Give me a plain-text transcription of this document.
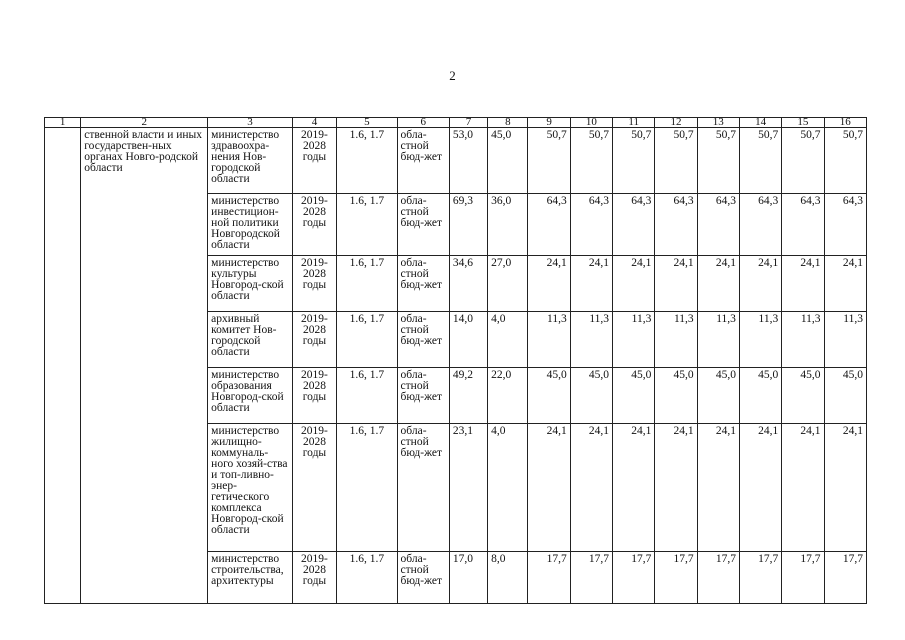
2
1	2	3	4	5	6	7	8	9	10	11	12	13	14	15	16
	ственной власти и иных государствен-ных органах Новго-родской области	министерство здравоохра-нения Нов-городской области	2019-2028 годы	1.6, 1.7	обла-стной бюд-жет	53,0	45,0	50,7	50,7	50,7	50,7	50,7	50,7	50,7	50,7
		министерство инвестицион-ной политики Новгородской области	2019-2028 годы	1.6, 1.7	обла-стной бюд-жет	69,3	36,0	64,3	64,3	64,3	64,3	64,3	64,3	64,3	64,3
		министерство культуры Новгород-ской области	2019-2028 годы	1.6, 1.7	обла-стной бюд-жет	34,6	27,0	24,1	24,1	24,1	24,1	24,1	24,1	24,1	24,1
		архивный комитет Нов-городской области	2019-2028 годы	1.6, 1.7	обла-стной бюд-жет	14,0	4,0	11,3	11,3	11,3	11,3	11,3	11,3	11,3	11,3
		министерство образования Новгород-ской области	2019-2028 годы	1.6, 1.7	обла-стной бюд-жет	49,2	22,0	45,0	45,0	45,0	45,0	45,0	45,0	45,0	45,0
		министерство жилищно-коммуналь-ного хозяй-ства и топ-ливно-энер-гетического комплекса Новгород-ской области	2019-2028 годы	1.6, 1.7	обла-стной бюд-жет	23,1	4,0	24,1	24,1	24,1	24,1	24,1	24,1	24,1	24,1
		министерство строительства, архитектуры	2019-2028 годы	1.6, 1.7	обла-стной бюд-жет	17,0	8,0	17,7	17,7	17,7	17,7	17,7	17,7	17,7	17,7
